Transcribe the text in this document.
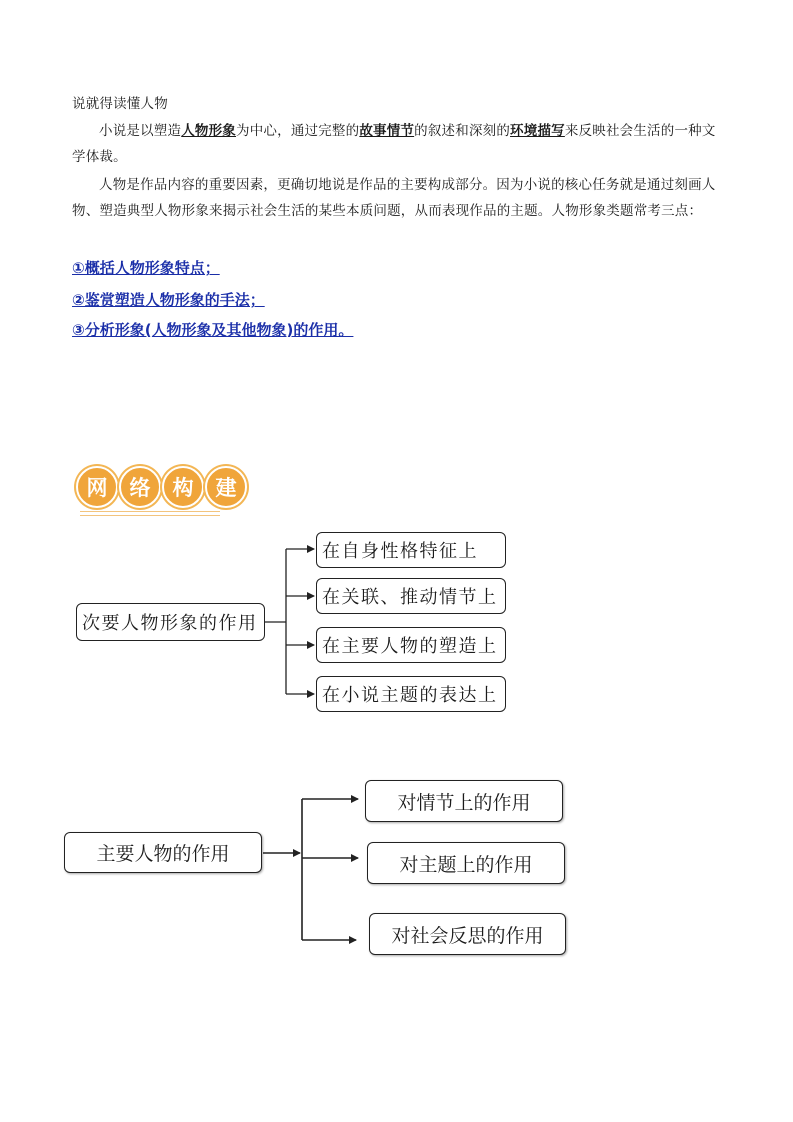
说就得读懂人物
小说是以塑造人物形象为中心，通过完整的故事情节的叙述和深刻的环境描写来反映社会生活的一种文学体裁。
人物是作品内容的重要因素，更确切地说是作品的主要构成部分。因为小说的核心任务就是通过刻画人物、塑造典型人物形象来揭示社会生活的某些本质问题，从而表现作品的主题。人物形象类题常考三点：
①概括人物形象特点；
②鉴赏塑造人物形象的手法；
③分析形象(人物形象及其他物象)的作用。
网	络	构	建
次要人物形象的作用
在自身性格特征上
在关联、推动情节上
在主要人物的塑造上
在小说主题的表达上
主要人物的作用
对情节上的作用
对主题上的作用
对社会反思的作用
